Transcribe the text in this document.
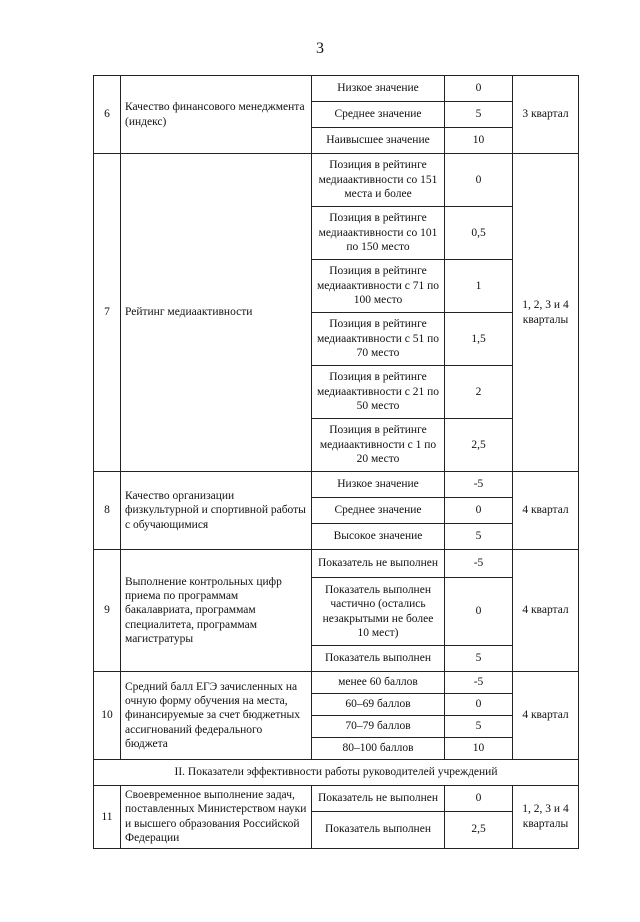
3
6	Качество финансового менеджмента (индекс)	Низкое значение	0	3 квартал
		Среднее значение	5	
		Наивысшее значение	10	
7	Рейтинг медиаактивности	Позиция в рейтинге медиаактивности со 151 места и более	0	1, 2, 3 и 4 кварталы
		Позиция в рейтинге медиаактивности со 101 по 150 место	0,5	
		Позиция в рейтинге медиаактивности с 71 по 100 место	1	
		Позиция в рейтинге медиаактивности с 51 по 70 место	1,5	
		Позиция в рейтинге медиаактивности с 21 по 50 место	2	
		Позиция в рейтинге медиаактивности с 1 по 20 место	2,5	
8	Качество организации физкультурной и спортивной работы с обучающимися	Низкое значение	-5	4 квартал
		Среднее значение	0	
		Высокое значение	5	
9	Выполнение контрольных цифр приема по программам бакалавриата, программам специалитета, программам магистратуры	Показатель не выполнен	-5	4 квартал
		Показатель выполнен частично (остались незакрытыми не более 10 мест)	0	
		Показатель выполнен	5	
10	Средний балл ЕГЭ зачисленных на очную форму обучения на места, финансируемые за счет бюджетных ассигнований федерального бюджета	менее 60 баллов	-5	4 квартал
		60–69 баллов	0	
		70–79 баллов	5	
		80–100 баллов	10	
II. Показатели эффективности работы руководителей учреждений				
11	Своевременное выполнение задач, поставленных Министерством науки и высшего образования Российской Федерации	Показатель не выполнен	0	1, 2, 3 и 4 кварталы
		Показатель выполнен	2,5	
